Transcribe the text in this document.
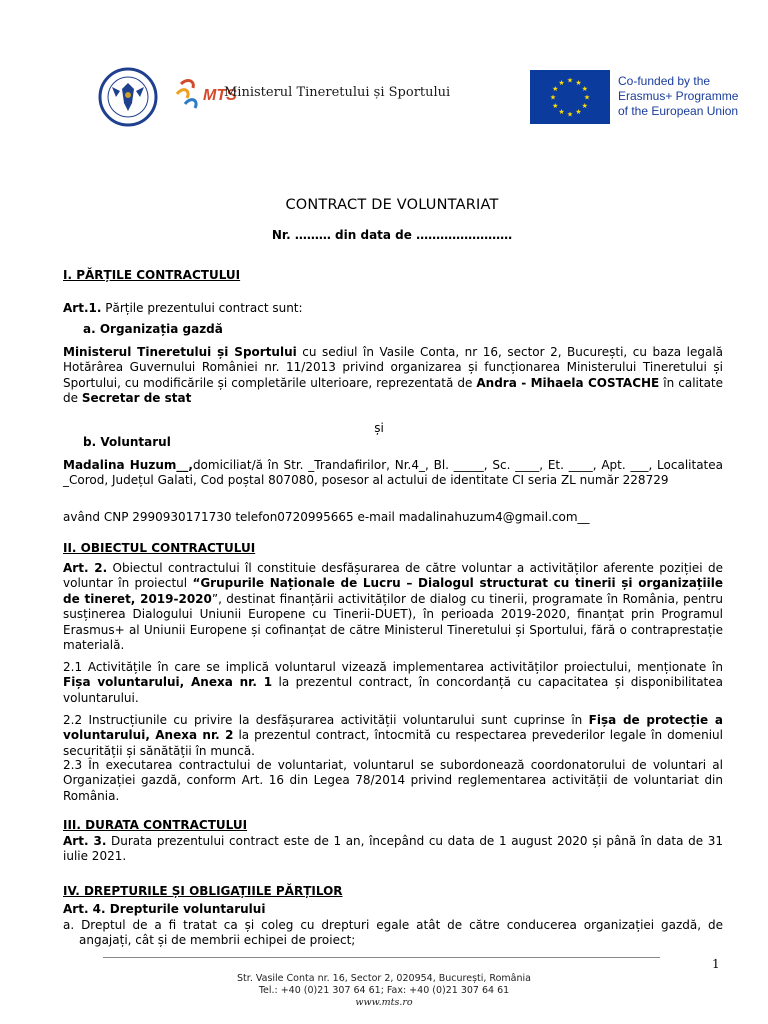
MTS
Ministerul Tineretului și Sportului
★ ★
★
★
★
★
★
★
★
★
★
★	Co-funded by the
Erasmus+ Programme
of the European Union
CONTRACT DE VOLUNTARIAT
Nr. ……… din data de ……………………
I. PĂRȚILE CONTRACTULUI
Art.1. Părțile prezentului contract sunt:
a. Organizația gazdă
Ministerul Tineretului și Sportului cu sediul în Vasile Conta, nr 16, sector 2, București, cu baza legală Hotărârea Guvernului României nr. 11/2013 privind organizarea și funcționarea Ministerului Tineretului și Sportului, cu modificările și completările ulterioare, reprezentată de Andra - Mihaela COSTACHE în calitate de Secretar de stat
și
b. Voluntarul
Madalina Huzum__,domiciliat/ă în Str. _Trandafirilor, Nr.4_, Bl. _____, Sc. ____, Et. ____, Apt. ___, Localitatea _Corod, Județul Galati, Cod poștal 807080, posesor al actului de identitate CI seria ZL număr 228729
având CNP 2990930171730 telefon0720995665 e-mail madalinahuzum4@gmail.com__
II. OBIECTUL CONTRACTULUI
Art. 2. Obiectul contractului îl constituie desfășurarea de către voluntar a activităților aferente poziției de voluntar în proiectul “Grupurile Naționale de Lucru – Dialogul structurat cu tinerii și organizațiile de tineret, 2019-2020”, destinat finanțării activităților de dialog cu tinerii, programate în România, pentru susținerea Dialogului Uniunii Europene cu Tinerii-DUET), în perioada 2019-2020, finanțat prin Programul Erasmus+ al Uniunii Europene și cofinanțat de către Ministerul Tineretului și Sportului, fără o contraprestație materială.
2.1 Activitățile în care se implică voluntarul vizează implementarea activităților proiectului, menționate în Fișa voluntarului, Anexa nr. 1 la prezentul contract, în concordanță cu capacitatea și disponibilitatea voluntarului.
2.2 Instrucțiunile cu privire la desfășurarea activității voluntarului sunt cuprinse în Fișa de protecție a voluntarului, Anexa nr. 2 la prezentul contract, întocmită cu respectarea prevederilor legale în domeniul securității și sănătății în muncă.
2.3 În executarea contractului de voluntariat, voluntarul se subordonează coordonatorului de voluntari al Organizației gazdă, conform Art. 16 din Legea 78/2014 privind reglementarea activității de voluntariat din România.
III. DURATA CONTRACTULUI
Art. 3. Durata prezentului contract este de 1 an, începând cu data de 1 august 2020 și până în data de 31 iulie 2021.
IV. DREPTURILE ȘI OBLIGAȚIILE PĂRȚILOR
Art. 4. Drepturile voluntarului
a. Dreptul de a fi tratat ca și coleg cu drepturi egale atât de către conducerea organizației gazdă, de angajați, cât și de membrii echipei de proiect;
1
Str. Vasile Conta nr. 16, Sector 2, 020954, București, România
Tel.: +40 (0)21 307 64 61; Fax: +40 (0)21 307 64 61
www.mts.ro
